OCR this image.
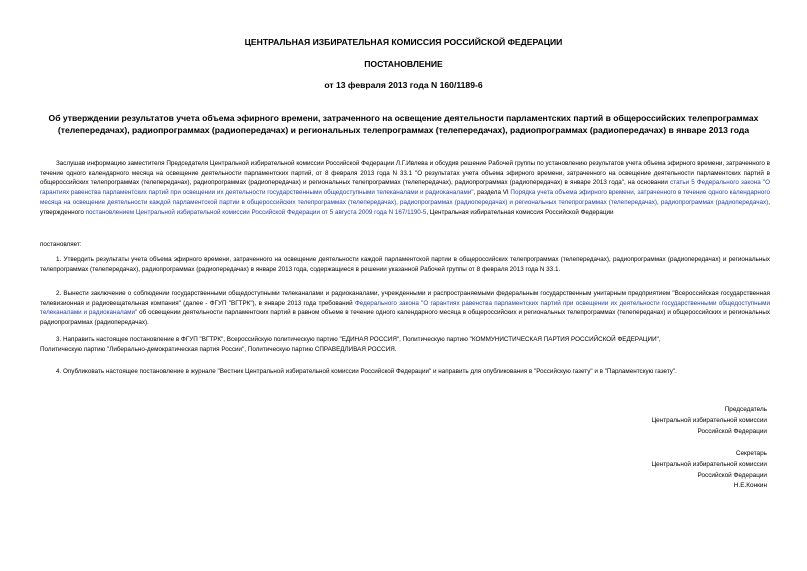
ЦЕНТРАЛЬНАЯ ИЗБИРАТЕЛЬНАЯ КОМИССИЯ РОССИЙСКОЙ ФЕДЕРАЦИИ
ПОСТАНОВЛЕНИЕ
от 13 февраля 2013 года N 160/1189-6
Об утверждении результатов учета объема эфирного времени, затраченного на освещение деятельности парламентских партий в общероссийских телепрограммах (телепередачах), радиопрограммах (радиопередачах) и региональных телепрограммах (телепередачах), радиопрограммах (радиопередачах) в январе 2013 года

Заслушав информацию заместителя Председателя Центральной избирательной комиссии Российской Федерации Л.Г.Ивлева и обсудив решение Рабочей группы по установлению результатов учета объема эфирного времени, затраченного в течение одного календарного месяца на освещение деятельности парламентских партий, от 8 февраля 2013 года N 33.1 "О результатах учета объема эфирного времени, затраченного на освещение деятельности парламентских партий в общероссийских телепрограммах (телепередачах), радиопрограммах (радиопередачах) и региональных телепрограммах (телепередачах), радиопрограммах (радиопередачах) в январе 2013 года", на основании статьи 5 Федерального закона "О гарантиях равенства парламентских партий при освещении их деятельности государственными общедоступными телеканалами и радиоканалами", раздела VI Порядка учета объема эфирного времени, затраченного в течение одного календарного месяца на освещение деятельности каждой парламентской партии в общероссийских телепрограммах (телепередачах), радиопрограммах (радиопередачах) и региональных телепрограммах (телепередачах), радиопрограммах (радиопередачах), утвержденного постановлением Центральной избирательной комиссии Российской Федерации от 5 августа 2009 года N 167/1190-5, Центральная избирательная комиссия Российской Федерации

постановляет:

1. Утвердить результаты учета объема эфирного времени, затраченного на освещение деятельности каждой парламентской партии в общероссийских телепрограммах (телепередачах), радиопрограммах (радиопередачах) и региональных телепрограммах (телепередачах), радиопрограммах (радиопередачах) в январе 2013 года, содержащиеся в решении указанной Рабочей группы от 8 февраля 2013 года N 33.1.

2. Вынести заключение о соблюдении государственными общедоступными телеканалами и радиоканалами, учрежденными и распространяемыми федеральным государственным унитарным предприятием "Всероссийская государственная телевизионная и радиовещательная компания" (далее - ФГУП "ВГТРК"), в январе 2013 года требований Федерального закона "О гарантиях равенства парламентских партий при освещении их деятельности государственными общедоступными телеканалами и радиоканалами" об освещении деятельности парламентских партий в равном объеме в течение одного календарного месяца в общероссийских и региональных телепрограммах (телепередачах) и общероссийских и региональных радиопрограммах (радиопередачах).

3. Направить настоящее постановление в ФГУП "ВГТРК", Всероссийскую политическую партию "ЕДИНАЯ РОССИЯ", Политическую партию "КОММУНИСТИЧЕСКАЯ ПАРТИЯ РОССИЙСКОЙ ФЕДЕРАЦИИ",

Политическую партию "Либерально-демократическая партия России", Политическую партию СПРАВЕДЛИВАЯ РОССИЯ.

4. Опубликовать настоящее постановление в журнале "Вестник Центральной избирательной комиссии Российской Федерации" и направить для опубликования в "Российскую газету" и в "Парламентскую газету".

Председатель
Центральной избирательной комиссии
Российской Федерации
Секретарь
Центральной избирательной комиссии
Российской Федерации
Н.Е.Конкин
